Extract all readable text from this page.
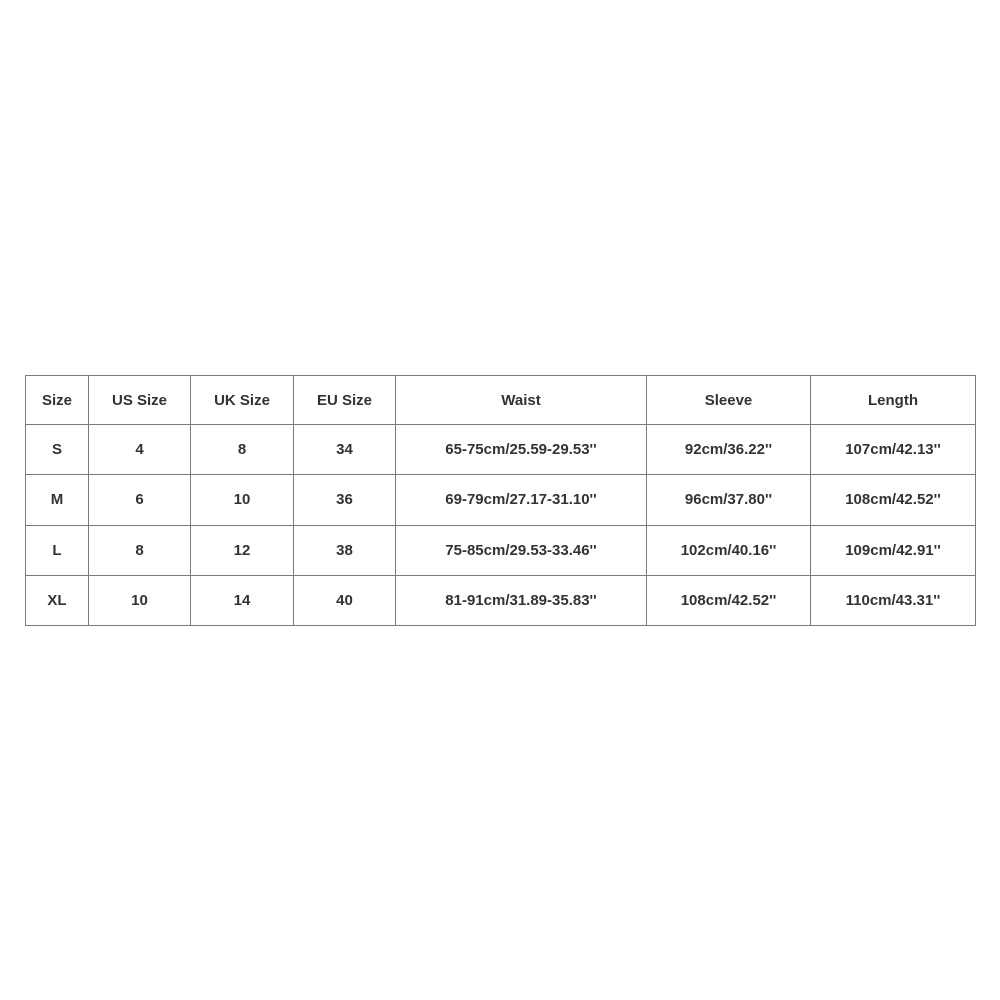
Size	US Size	UK Size	EU Size	Waist	Sleeve	Length
S	4	8	34	65-75cm/25.59-29.53''	92cm/36.22''	107cm/42.13''
M	6	10	36	69-79cm/27.17-31.10''	96cm/37.80''	108cm/42.52''
L	8	12	38	75-85cm/29.53-33.46''	102cm/40.16''	109cm/42.91''
XL	10	14	40	81-91cm/31.89-35.83''	108cm/42.52''	110cm/43.31''
